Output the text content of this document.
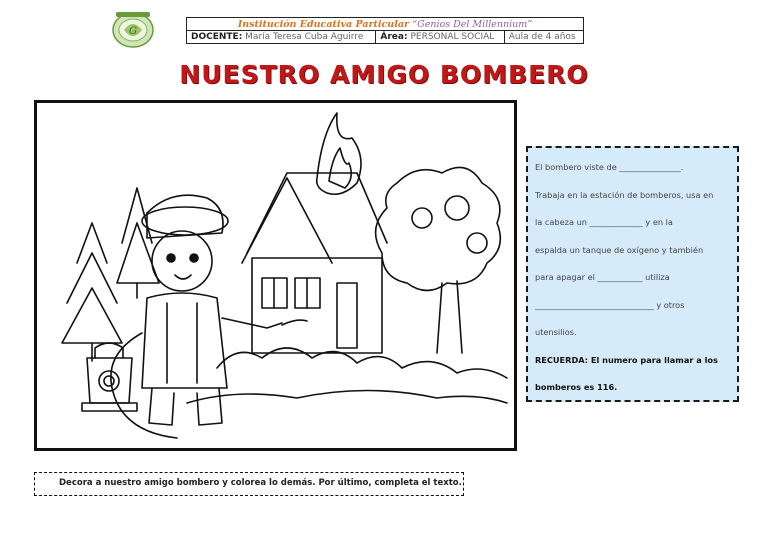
G
Institución Educativa Particular “Genios Del Millennium”
DOCENTE: María Teresa Cuba Aguirre	Área: PERSONAL SOCIAL	Aula de 4 años
NUESTRO AMIGO BOMBERO

El bombero viste de _______________.

Trabaja en la estación de bomberos, usa en

la cabeza un _____________ y en la

espalda un tanque de oxígeno y también

para apagar el ___________ utiliza

_____________________________ y otros

utensilios.

RECUERDA: El numero para llamar a los

bomberos es 116.

Decora a nuestro amigo bombero y colorea lo demás. Por último, completa el texto.
